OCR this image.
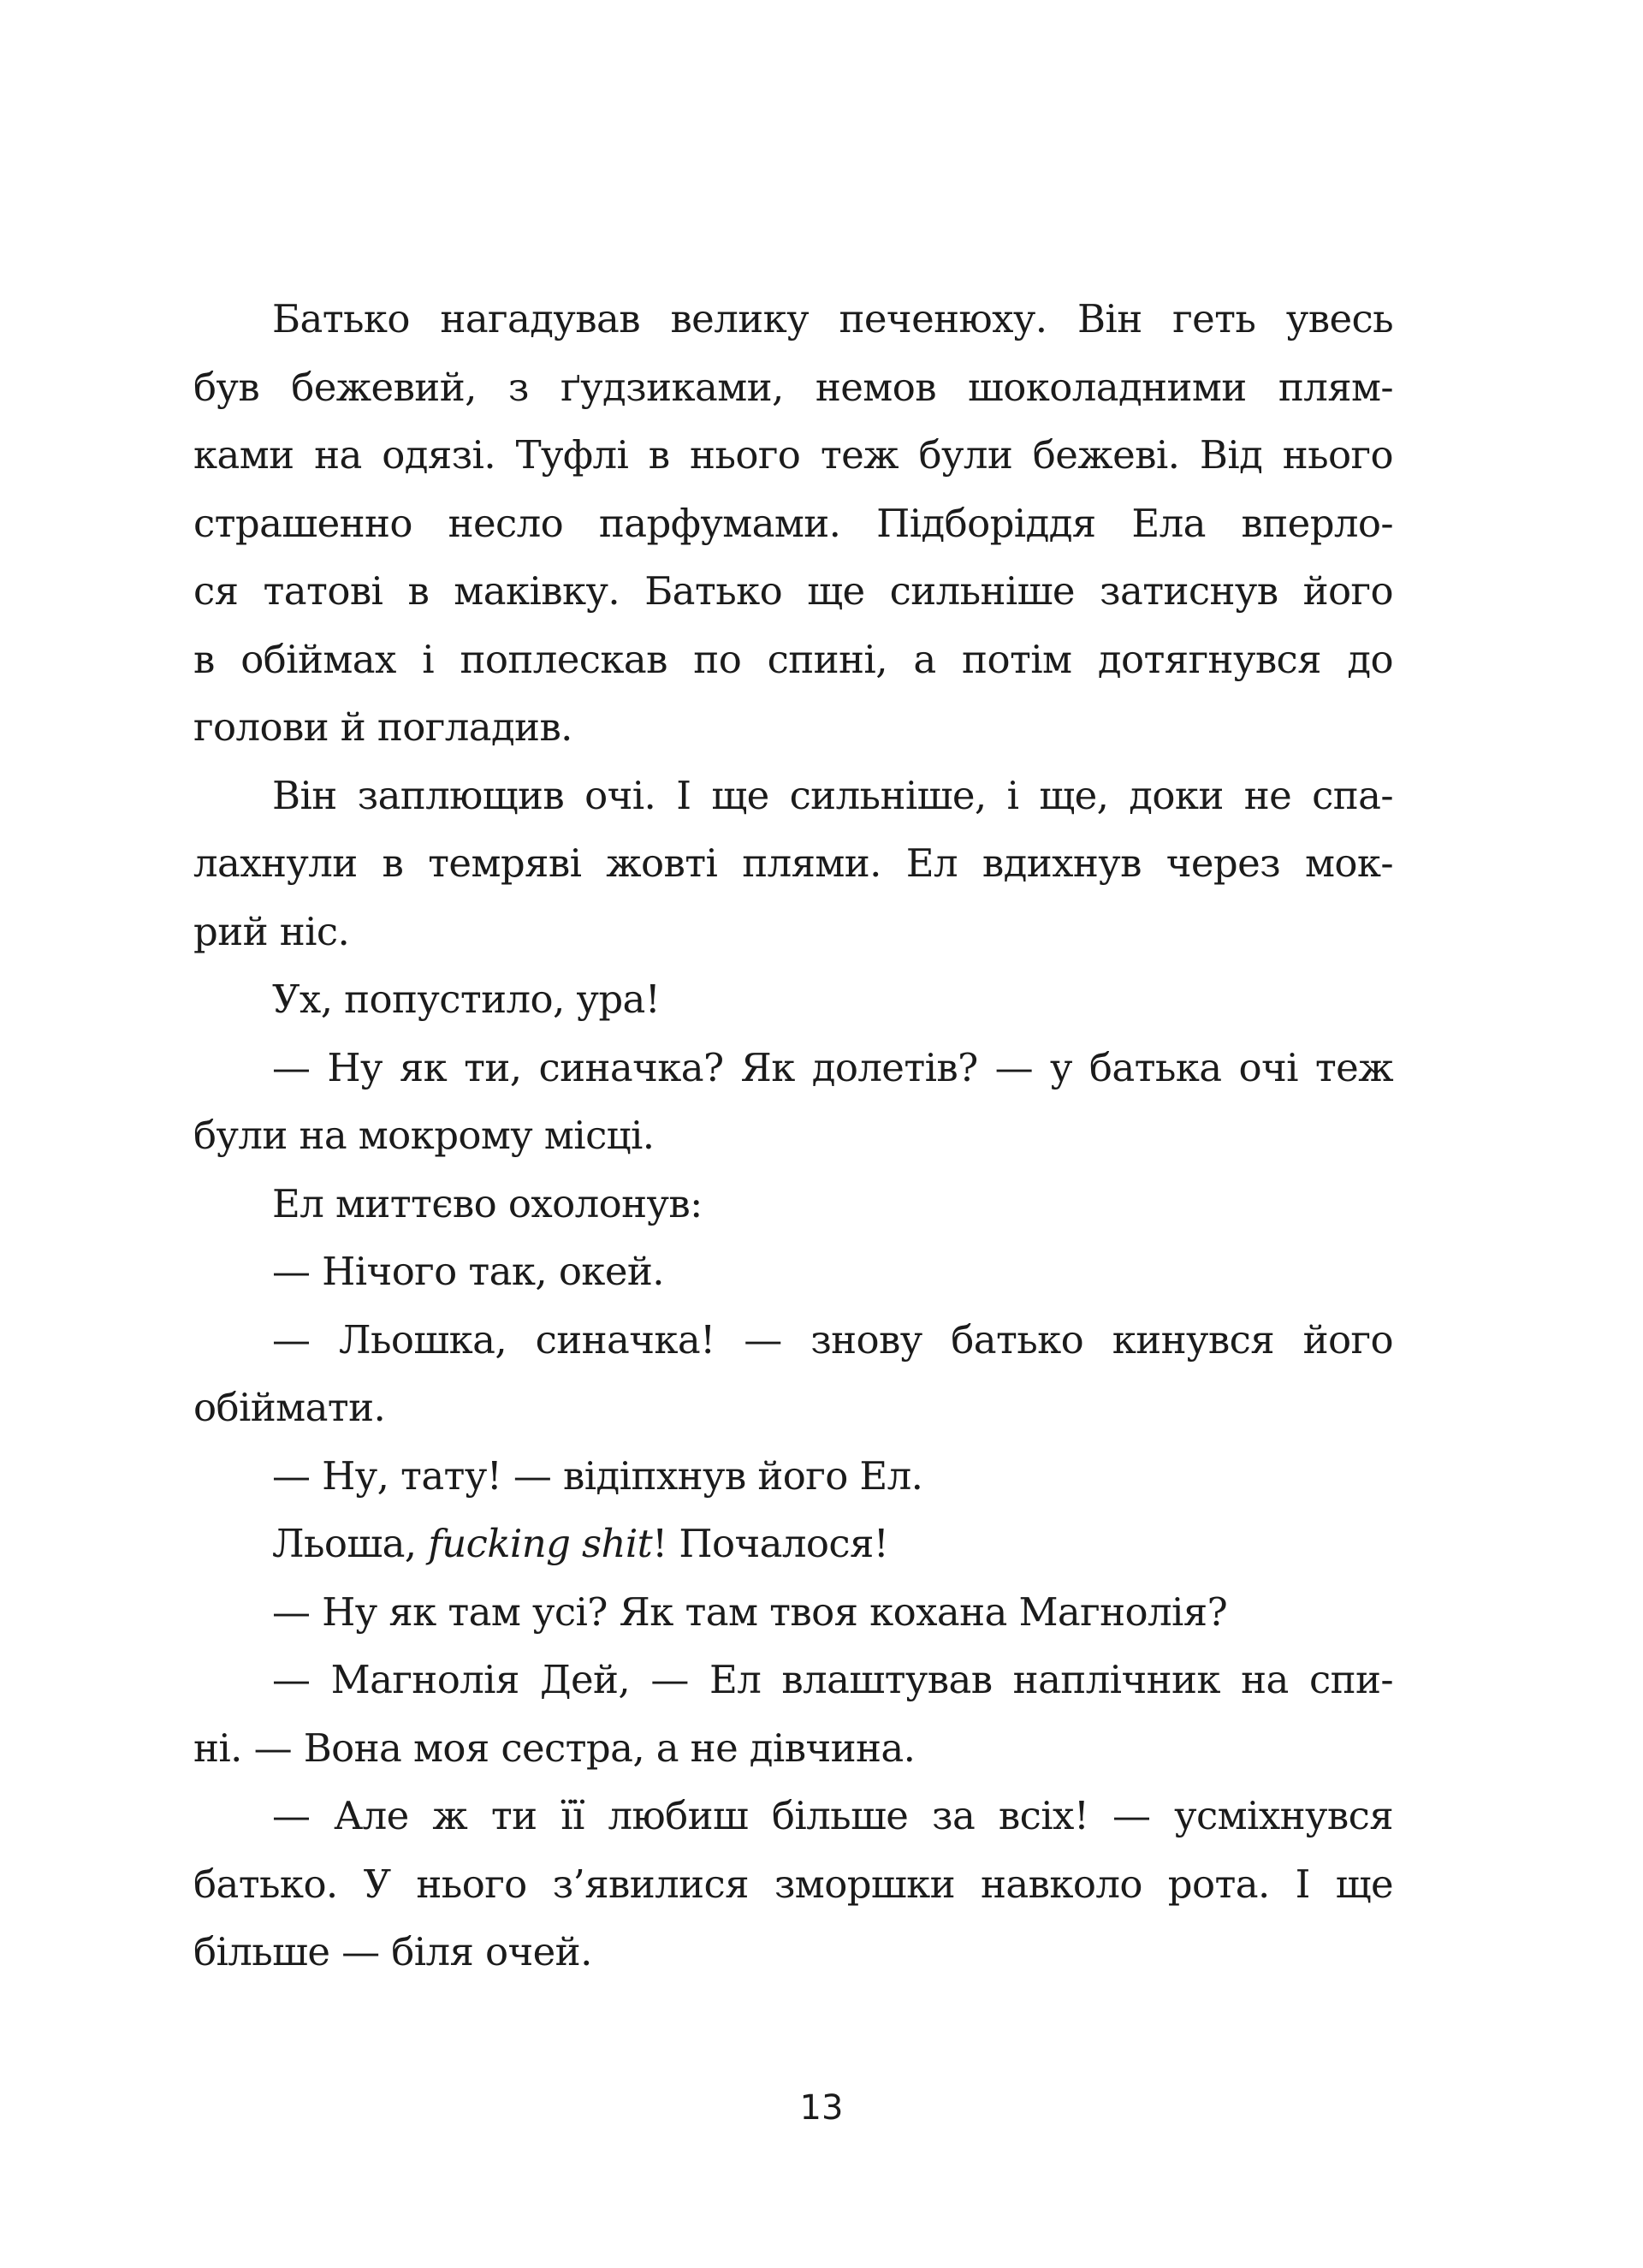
Батько нагадував велику печенюху. Він геть увесь
був бежевий, з ґудзиками, немов шоколадними плям-
ками на одязі. Туфлі в нього теж були бежеві. Від нього
страшенно несло парфумами. Підборіддя Ела вперло-
ся татові в маківку. Батько ще сильніше затиснув його
в обіймах і поплескав по спині, а потім дотягнувся до
голови й погладив.
Він заплющив очі. І ще сильніше, і ще, доки не спа-
лахнули в темряві жовті плями. Ел вдихнув через мок-
рий ніс.
Ух, попустило, ура!
— Ну як ти, синачка? Як долетів? — у батька очі теж
були на мокрому місці.
Ел миттєво охолонув:
— Нічого так, окей.
— Льошка, синачка! — знову батько кинувся його
обіймати.
— Ну, тату! — відіпхнув його Ел.
Льоша, fucking shit! Почалося!
— Ну як там усі? Як там твоя кохана Магнолія?
— Магнолія Дей, — Ел влаштував наплічник на спи-
ні. — Вона моя сестра, а не дівчина.
— Але ж ти її любиш більше за всіх! — усміхнувся
батько. У нього з’явилися зморшки навколо рота. І ще
більше — біля очей.
13
